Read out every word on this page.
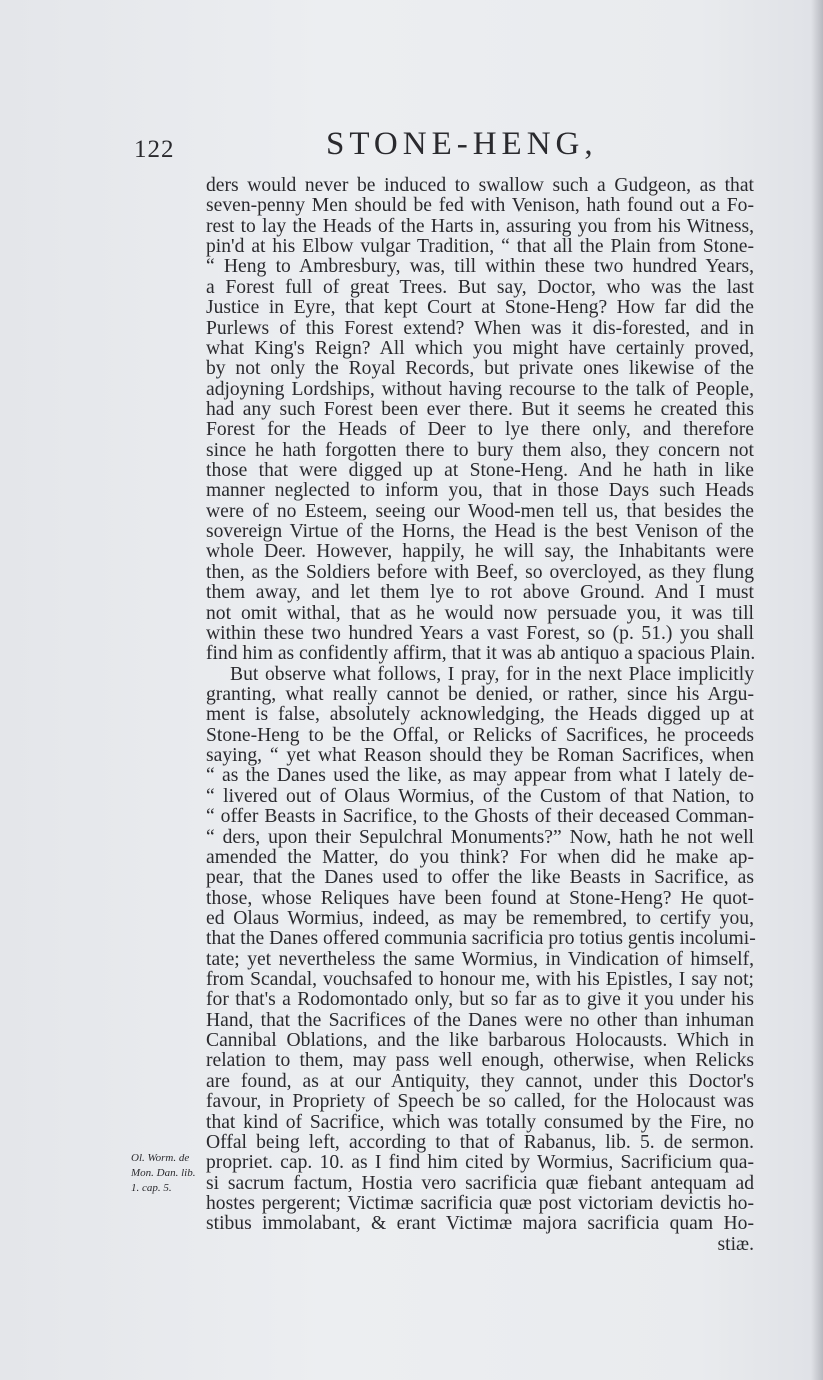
122	STONE-HENG,
Ol. Worm. de
Mon. Dan. lib.
1. cap. 5.
ders would never be induced to swallow such a Gudgeon, as that
seven-penny Men should be fed with Venison, hath found out a Fo-
rest to lay the Heads of the Harts in, assuring you from his Witness,
pin'd at his Elbow vulgar Tradition, “ that all the Plain from Stone-
“ Heng to Ambresbury, was, till within these two hundred Years,
a Forest full of great Trees. But say, Doctor, who was the last
Justice in Eyre, that kept Court at Stone-Heng? How far did the
Purlews of this Forest extend? When was it dis-forested, and in
what King's Reign? All which you might have certainly proved,
by not only the Royal Records, but private ones likewise of the
adjoyning Lordships, without having recourse to the talk of People,
had any such Forest been ever there. But it seems he created this
Forest for the Heads of Deer to lye there only, and therefore
since he hath forgotten there to bury them also, they concern not
those that were digged up at Stone-Heng. And he hath in like
manner neglected to inform you, that in those Days such Heads
were of no Esteem, seeing our Wood-men tell us, that besides the
sovereign Virtue of the Horns, the Head is the best Venison of the
whole Deer. However, happily, he will say, the Inhabitants were
then, as the Soldiers before with Beef, so overcloyed, as they flung
them away, and let them lye to rot above Ground. And I must
not omit withal, that as he would now persuade you, it was till
within these two hundred Years a vast Forest, so (p. 51.) you shall
find him as confidently affirm, that it was ab antiquo a spacious Plain.
But observe what follows, I pray, for in the next Place implicitly
granting, what really cannot be denied, or rather, since his Argu-
ment is false, absolutely acknowledging, the Heads digged up at
Stone-Heng to be the Offal, or Relicks of Sacrifices, he proceeds
saying, “ yet what Reason should they be Roman Sacrifices, when
“ as the Danes used the like, as may appear from what I lately de-
“ livered out of Olaus Wormius, of the Custom of that Nation, to
“ offer Beasts in Sacrifice, to the Ghosts of their deceased Comman-
“ ders, upon their Sepulchral Monuments?” Now, hath he not well
amended the Matter, do you think? For when did he make ap-
pear, that the Danes used to offer the like Beasts in Sacrifice, as
those, whose Reliques have been found at Stone-Heng? He quot-
ed Olaus Wormius, indeed, as may be remembred, to certify you,
that the Danes offered communia sacrificia pro totius gentis incolumi-
tate; yet nevertheless the same Wormius, in Vindication of himself,
from Scandal, vouchsafed to honour me, with his Epistles, I say not;
for that's a Rodomontado only, but so far as to give it you under his
Hand, that the Sacrifices of the Danes were no other than inhuman
Cannibal Oblations, and the like barbarous Holocausts. Which in
relation to them, may pass well enough, otherwise, when Relicks
are found, as at our Antiquity, they cannot, under this Doctor's
favour, in Propriety of Speech be so called, for the Holocaust was
that kind of Sacrifice, which was totally consumed by the Fire, no
Offal being left, according to that of Rabanus, lib. 5. de sermon.
propriet. cap. 10. as I find him cited by Wormius, Sacrificium qua-
si sacrum factum, Hostia vero sacrificia quæ fiebant antequam ad
hostes pergerent; Victimæ sacrificia quæ post victoriam devictis ho-
stibus immolabant, & erant Victimæ majora sacrificia quam Ho-
stiæ.
